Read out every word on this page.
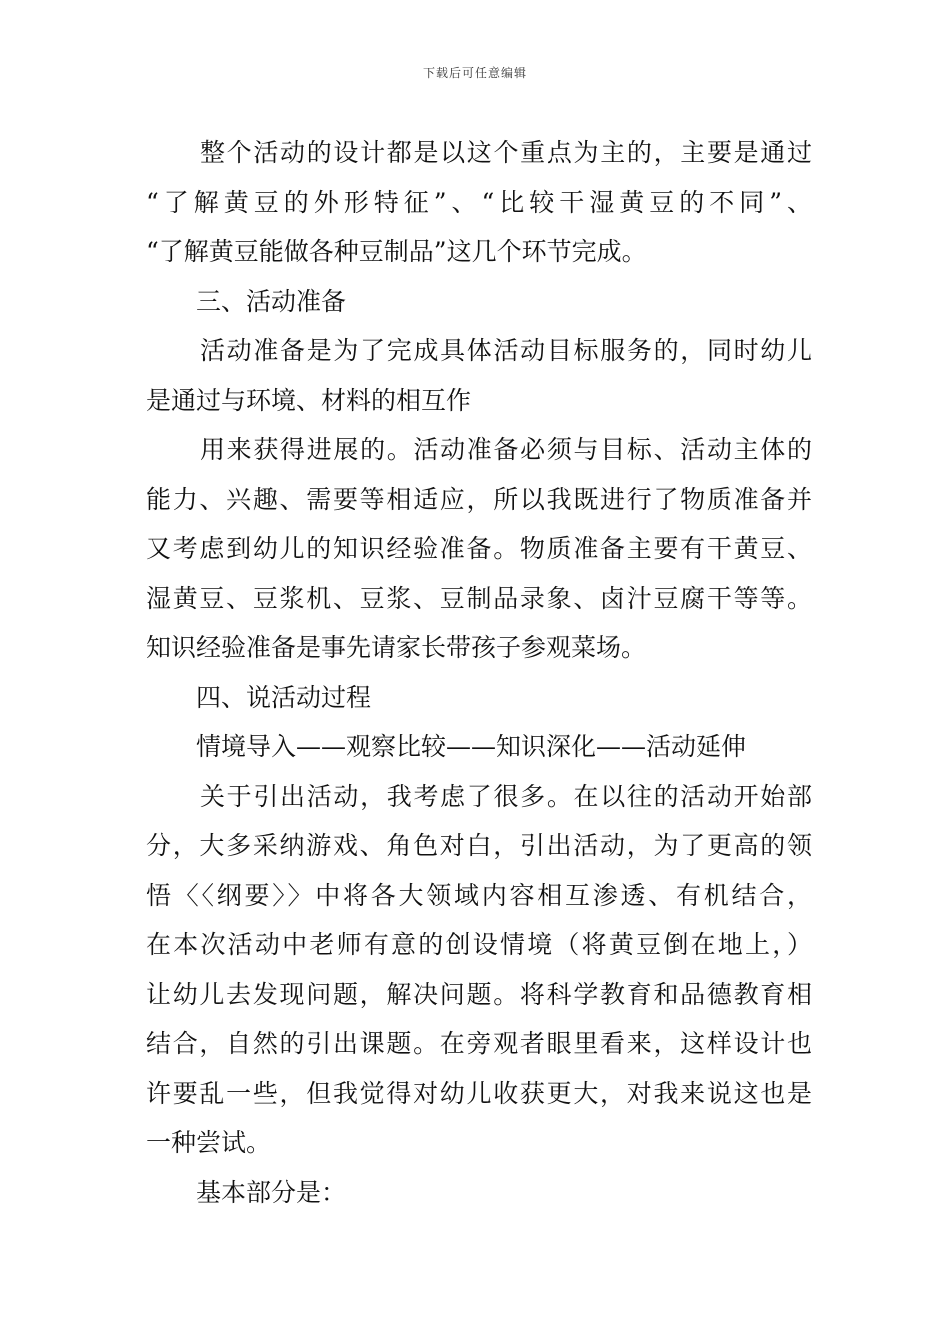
下载后可任意编辑

整个活动的设计都是以这个重点为主的，主要是通过

“了解黄豆的外形特征”、“比较干湿黄豆的不同”、

“了解黄豆能做各种豆制品”这几个环节完成。

三、活动准备

活动准备是为了完成具体活动目标服务的，同时幼儿

是通过与环境、材料的相互作

用来获得进展的。活动准备必须与目标、活动主体的

能力、兴趣、需要等相适应，所以我既进行了物质准备并

又考虑到幼儿的知识经验准备。物质准备主要有干黄豆、

湿黄豆、豆浆机、豆浆、豆制品录象、卤汁豆腐干等等。

知识经验准备是事先请家长带孩子参观菜场。

四、说活动过程

情境导入——观察比较——知识深化——活动延伸

关于引出活动，我考虑了很多。在以往的活动开始部

分，大多采纳游戏、角色对白，引出活动，为了更高的领

悟〈〈纲要〉〉中将各大领域内容相互渗透、有机结合，

在本次活动中老师有意的创设情境（将黄豆倒在地上，）

让幼儿去发现问题，解决问题。将科学教育和品德教育相

结合，自然的引出课题。在旁观者眼里看来，这样设计也

许要乱一些，但我觉得对幼儿收获更大，对我来说这也是

一种尝试。

基本部分是：
